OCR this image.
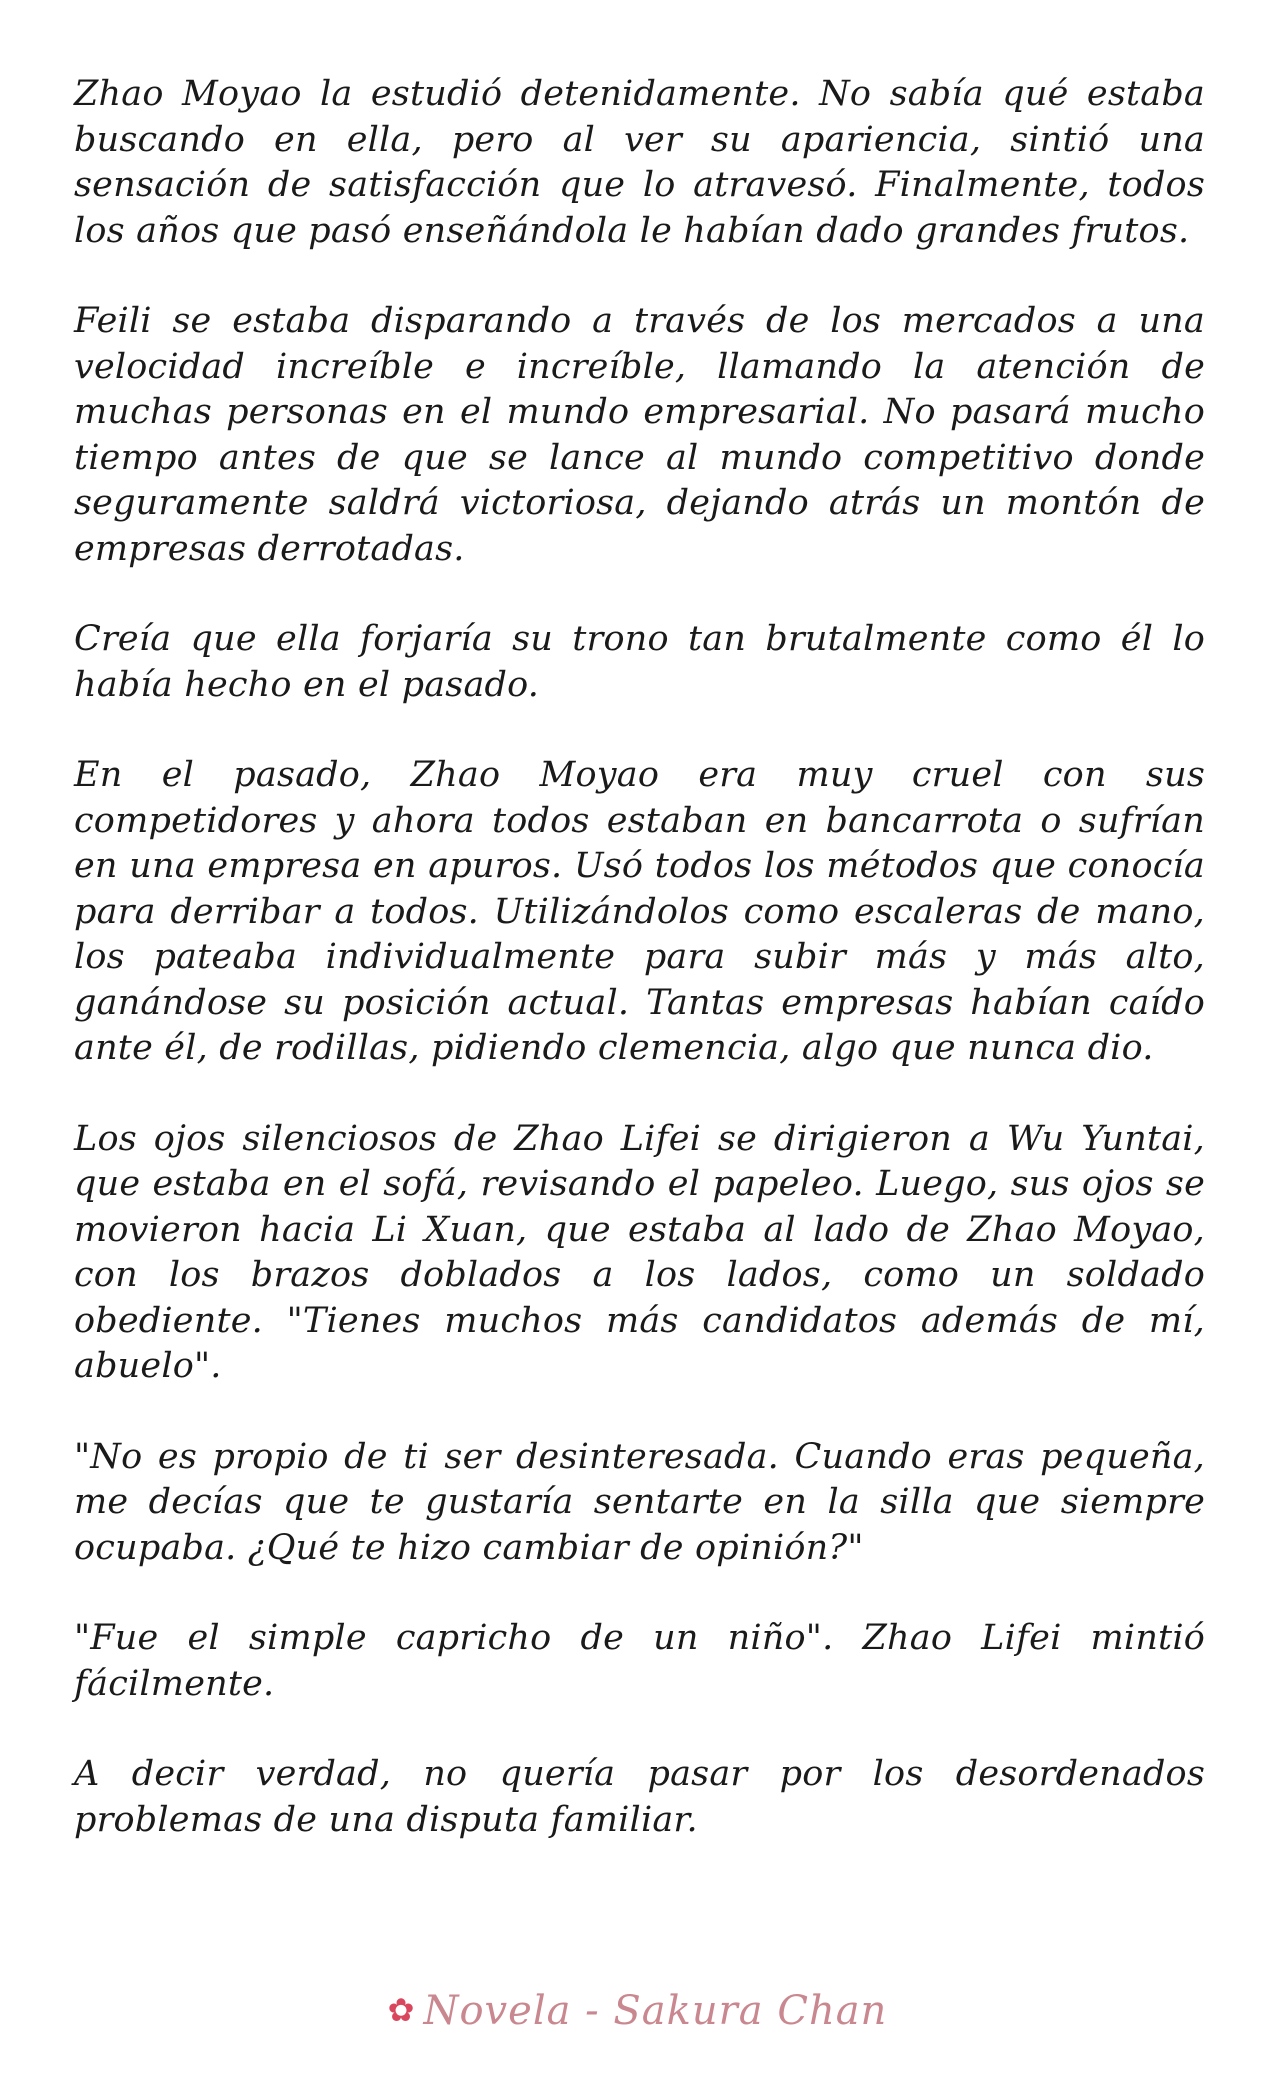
Zhao Moyao la estudió detenidamente. No sabía qué estaba buscando en ella, pero al ver su apariencia, sintió una sensación de satisfacción que lo atravesó. Finalmente, todos los años que pasó enseñándola le habían dado grandes frutos.

Feili se estaba disparando a través de los mercados a una velocidad increíble e increíble, llamando la atención de muchas personas en el mundo empresarial. No pasará mucho tiempo antes de que se lance al mundo competitivo donde seguramente saldrá victoriosa, dejando atrás un montón de empresas derrotadas.

Creía que ella forjaría su trono tan brutalmente como él lo había hecho en el pasado.

En el pasado, Zhao Moyao era muy cruel con sus competidores y ahora todos estaban en bancarrota o sufrían en una empresa en apuros. Usó todos los métodos que conocía para derribar a todos. Utilizándolos como escaleras de mano, los pateaba individualmente para subir más y más alto, ganándose su posición actual. Tantas empresas habían caído ante él, de rodillas, pidiendo clemencia, algo que nunca dio.

Los ojos silenciosos de Zhao Lifei se dirigieron a Wu Yuntai, que estaba en el sofá, revisando el papeleo. Luego, sus ojos se movieron hacia Li Xuan, que estaba al lado de Zhao Moyao, con los brazos doblados a los lados, como un soldado obediente. "Tienes muchos más candidatos además de mí, abuelo".

"No es propio de ti ser desinteresada. Cuando eras pequeña, me decías que te gustaría sentarte en la silla que siempre ocupaba. ¿Qué te hizo cambiar de opinión?"

"Fue el simple capricho de un niño". Zhao Lifei mintió fácilmente.

A decir verdad, no quería pasar por los desordenados problemas de una disputa familiar.

✿ Novela - Sakura Chan
